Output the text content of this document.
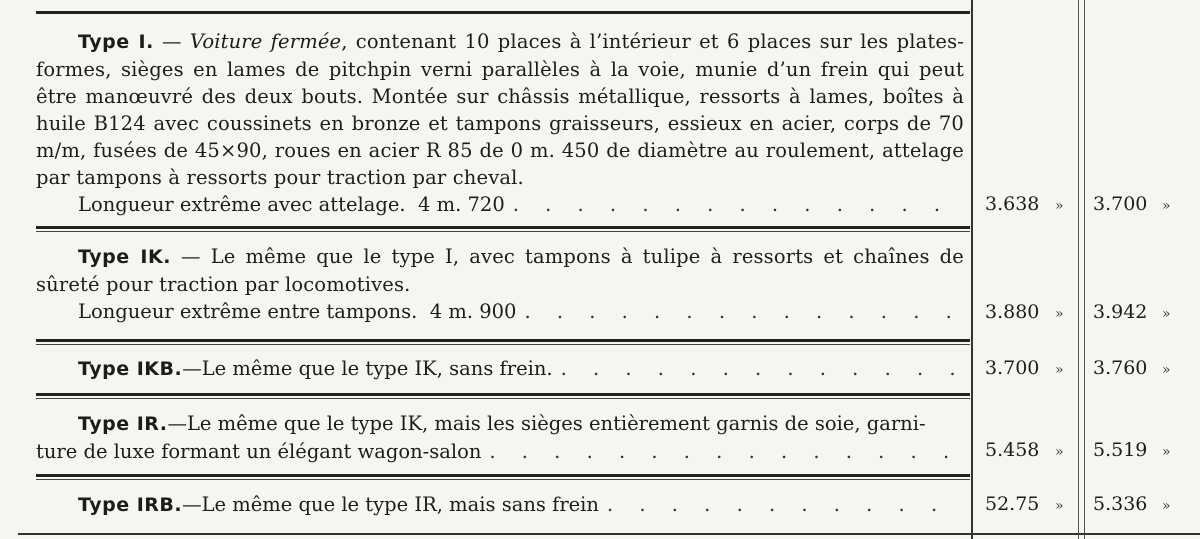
Type I. — Voiture fermée, contenant 10 places à l’intérieur et 6 places sur les plates-formes, sièges en lames de pitchpin verni parallèles à la voie, munie d’un frein qui peut être manœuvré des deux bouts. Montée sur châssis métallique, ressorts à lames, boîtes à huile B124 avec coussinets en bronze et tampons graisseurs, essieux en acier, corps de 70 m/m, fusées de 45×90, roues en acier R 85 de 0 m. 450 de diamètre au roulement, attelage par tampons à ressorts pour traction par cheval.

Longueur extrême avec attelage.
4 m. 720 . . .	3.638 » 3.700 »

Type IK. — Le même que le type I, avec tampons à tulipe à ressorts et chaînes de sûreté pour traction par locomotives.

Longueur extrême entre tampons.
4 m. 900 . . .	3.880 » 3.942 »
Type IKB. — Le même que le type IK, sans frein. . . .	3.700 » 3.760 »
Type IR. — Le même que le type IK, mais les sièges entièrement garnis de soie, garni-
ture de luxe formant un élégant wagon-salon . . .	5.458 » 5.519 »
Type IRB. — Le même que le type IR, mais sans frein . . .	52.75 » 5.336 »
